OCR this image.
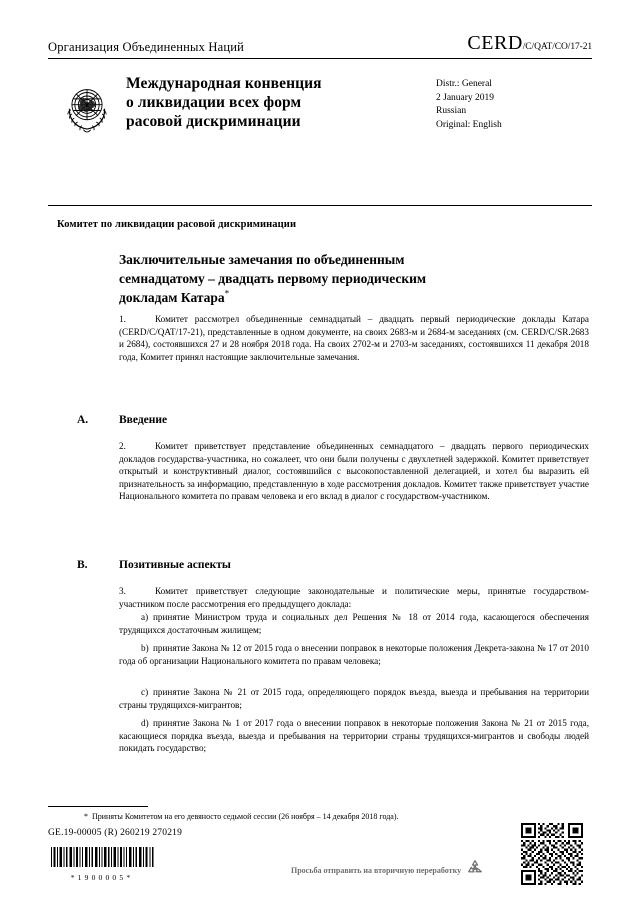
Организация Объединенных Наций	CERD/C/QAT/CO/17-21
Международная конвенция
о ликвидации всех форм
расовой дискриминации
Distr.: General
2 January 2019
Russian
Original: English
Комитет по ликвидации расовой дискриминации
Заключительные замечания по объединенным
семнадцатому – двадцать первому периодическим
докладам Катара*
1.	Комитет рассмотрел объединенные семнадцатый – двадцать первый периодические доклады Катара (CERD/C/QAT/17-21), представленные в одном документе, на своих 2683-м и 2684-м заседаниях (см. CERD/C/SR.2683 и 2684), состоявшихся 27 и 28 ноября 2018 года. На своих 2702-м и 2703-м заседаниях, состоявшихся 11 декабря 2018 года, Комитет принял настоящие заключительные замечания.
A.	Введение
2.	Комитет приветствует представление объединенных семнадцатого – двадцать первого периодических докладов государства-участника, но сожалеет, что они были получены с двухлетней задержкой. Комитет приветствует открытый и конструктивный диалог, состоявшийся с высокопоставленной делегацией, и хотел бы выразить ей признательность за информацию, представленную в ходе рассмотрения докладов. Комитет также приветствует участие Национального комитета по правам человека и его вклад в диалог с государством-участником.
B.	Позитивные аспекты
3.	Комитет приветствует следующие законодательные и политические меры, принятые государством-участником после рассмотрения его предыдущего доклада:
a) принятие Министром труда и социальных дел Решения № 18 от 2014 года, касающегося обеспечения трудящихся достаточным жилищем;
b) принятие Закона № 12 от 2015 года о внесении поправок в некоторые положения Декрета-закона № 17 от 2010 года об организации Национального комитета по правам человека;
c) принятие Закона № 21 от 2015 года, определяющего порядок въезда, выезда и пребывания на территории страны трудящихся-мигрантов;
d) принятие Закона № 1 от 2017 года о внесении поправок в некоторые положения Закона № 21 от 2015 года, касающиеся порядка въезда, выезда и пребывания на территории страны трудящихся-мигрантов и свободы людей покидать государство;
* Приняты Комитетом на его девяносто седьмой сессии (26 ноября – 14 декабря 2018 года).
GE.19-00005 (R) 260219 270219
*1900005*
Просьба отправить на вторичную переработку
